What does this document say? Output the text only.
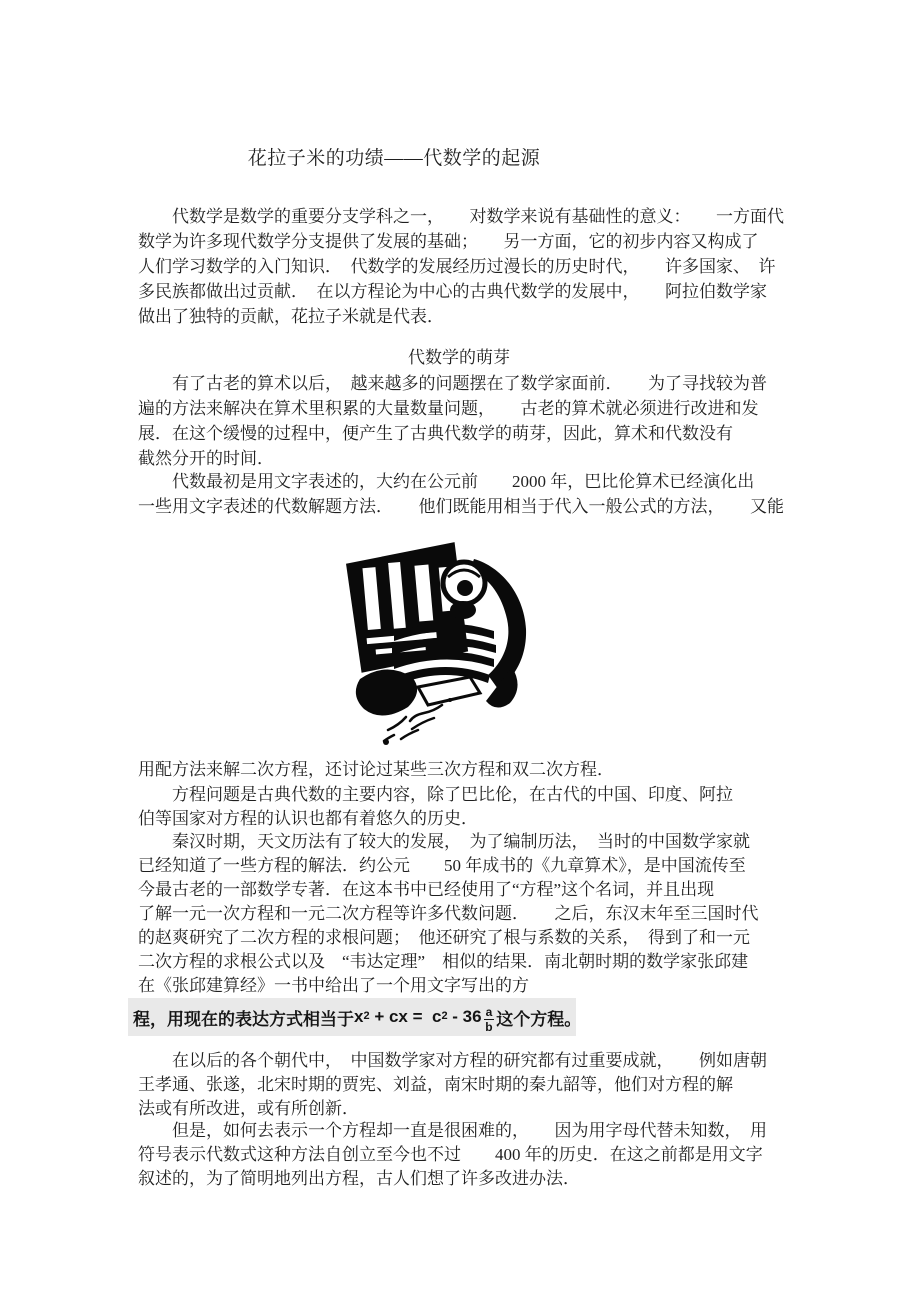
花拉子米的功绩——代数学的起源
　　代数学是数学的重要分支学科之一，　　对数学来说有基础性的意义：　　一方面代
数学为许多现代数学分支提供了发展的基础；　　另一方面，它的初步内容又构成了
人们学习数学的入门知识．　代数学的发展经历过漫长的历史时代，　　许多国家、　许
多民族都做出过贡献．　在以方程论为中心的古典代数学的发展中，　　阿拉伯数学家
做出了独特的贡献，花拉子米就是代表．
代数学的萌芽
　　有了古老的算术以后，　越来越多的问题摆在了数学家面前．　　为了寻找较为普
遍的方法来解决在算术里积累的大量数量问题，　　古老的算术就必须进行改进和发
展．在这个缓慢的过程中，便产生了古典代数学的萌芽，因此，算术和代数没有
截然分开的时间．
　　代数最初是用文字表述的，大约在公元前　　2000 年，巴比伦算术已经演化出
一些用文字表述的代数解题方法．　　他们既能用相当于代入一般公式的方法，　　又能
用配方法来解二次方程，还讨论过某些三次方程和双二次方程．
　　方程问题是古典代数的主要内容，除了巴比伦，在古代的中国、印度、阿拉
伯等国家对方程的认识也都有着悠久的历史．
　　秦汉时期，天文历法有了较大的发展，　为了编制历法，　当时的中国数学家就
已经知道了一些方程的解法．约公元　　50 年成书的《九章算术》，是中国流传至
今最古老的一部数学专著．在这本书中已经使用了“方程”这个名词，并且出现
了解一元一次方程和一元二次方程等许多代数问题．　　之后，东汉末年至三国时代
的赵爽研究了二次方程的求根问题；　他还研究了根与系数的关系，　得到了和一元
二次方程的求根公式以及　“韦达定理”　相似的结果．南北朝时期的数学家张邱建
在《张邱建算经》一书中给出了一个用文字写出的方
程，用现在的表达方式相当于 $x^2$ + cx = $c^2 - 36 \frac{a}{b}$ 这个方程。
　　在以后的各个朝代中，　中国数学家对方程的研究都有过重要成就，　　例如唐朝
王孝通、张遂，北宋时期的贾宪、刘益，南宋时期的秦九韶等，他们对方程的解
法或有所改进，或有所创新．
　　但是，如何去表示一个方程却一直是很困难的，　　因为用字母代替未知数，　用
符号表示代数式这种方法自创立至今也不过　　400 年的历史．在这之前都是用文字
叙述的，为了简明地列出方程，古人们想了许多改进办法．
